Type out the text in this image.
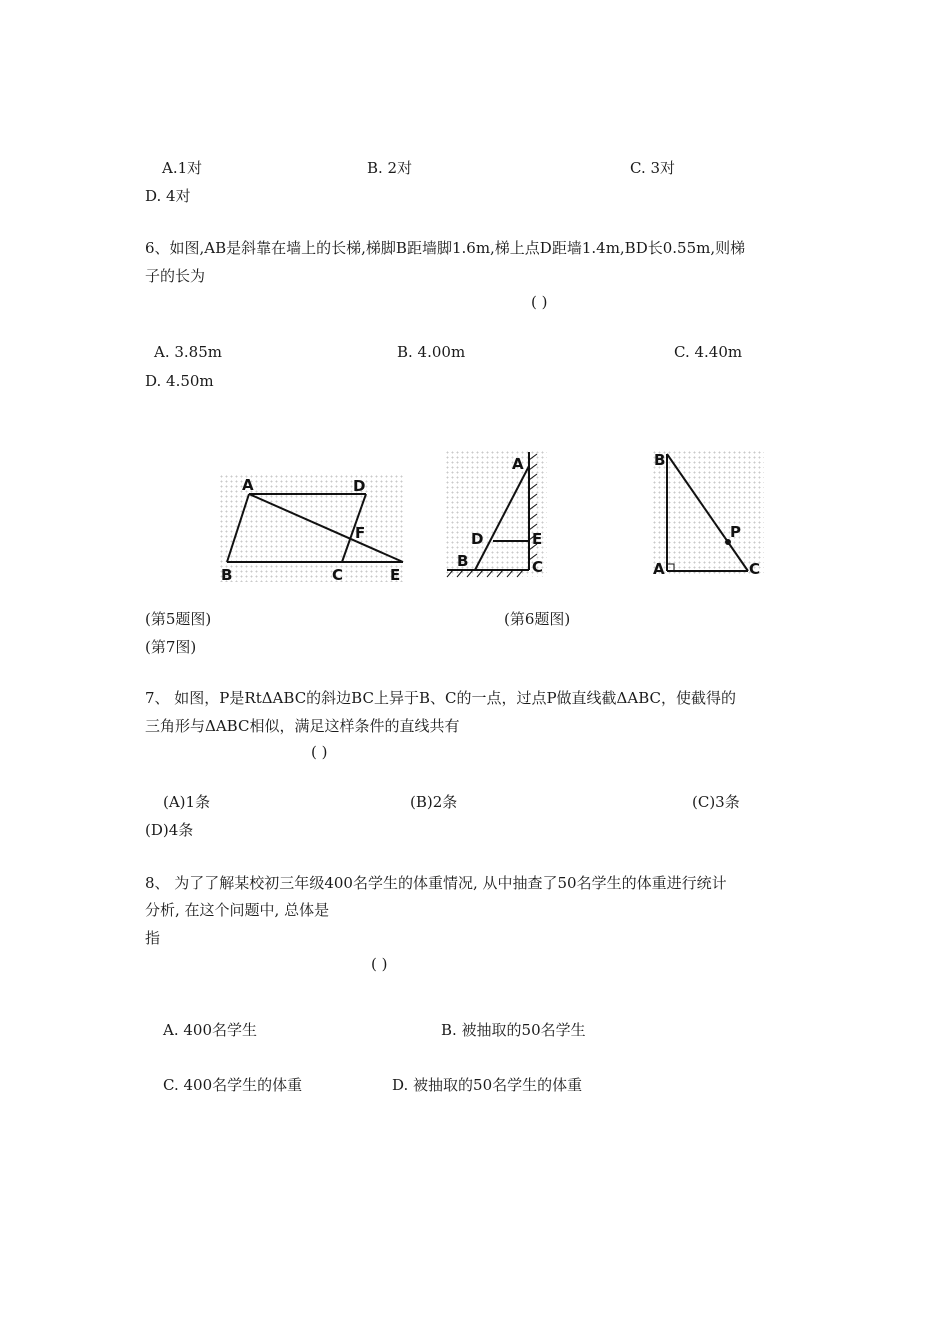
A.1对	B. 2对	C. 3对
D. 4对
6、如图,AB是斜靠在墙上的长梯,梯脚B距墙脚1.6m,梯上点D距墙1.4m,BD长0.55m,则梯
子的长为
( )
A. 3.85m	B. 4.00m	C. 4.40m
D. 4.50m
A	D
F
B	C	E
A
D	E
B	C
B
P
A	C
(第5题图)	(第6题图)
(第7图)
7、 如图，P是RtΔABC的斜边BC上异于B、C的一点，过点P做直线截ΔABC，使截得的
三角形与ΔABC相似，满足这样条件的直线共有
( )
(A)1条	(B)2条	(C)3条
(D)4条
8、 为了了解某校初三年级400名学生的体重情况, 从中抽查了50名学生的体重进行统计
分析, 在这个问题中, 总体是
指
( )
A. 400名学生	B. 被抽取的50名学生
C. 400名学生的体重	D. 被抽取的50名学生的体重
